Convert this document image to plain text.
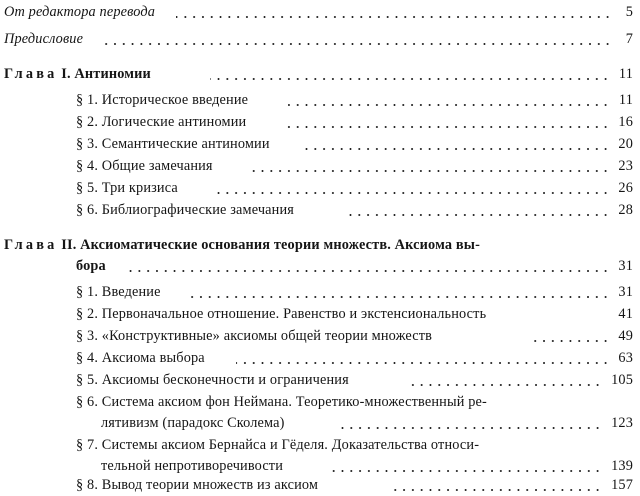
От редактора перевода	5
Предисловие	7
Глава I. Антиномии	11
§ 1. Историческое введение	11
§ 2. Логические антиномии	16
§ 3. Семантические антиномии	20
§ 4. Общие замечания	23
§ 5. Три кризиса	26
§ 6. Библиографические замечания	28
Глава II. Аксиоматические основания теории множеств. Аксиома вы-
бора	31
§ 1. Введение	31
§ 2. Первоначальное отношение. Равенство и экстенсиональность	41
§ 3. «Конструктивные» аксиомы общей теории множеств	49
§ 4. Аксиома выбора	63
§ 5. Аксиомы бесконечности и ограничения	105
§ 6. Система аксиом фон Неймана. Теоретико-множественный ре-
лятивизм (парадокс Сколема)	123
§ 7. Системы аксиом Бернайса и Гёделя. Доказательства относи-
тельной непротиворечивости	139
§ 8. Вывод теории множеств из аксиом	157
